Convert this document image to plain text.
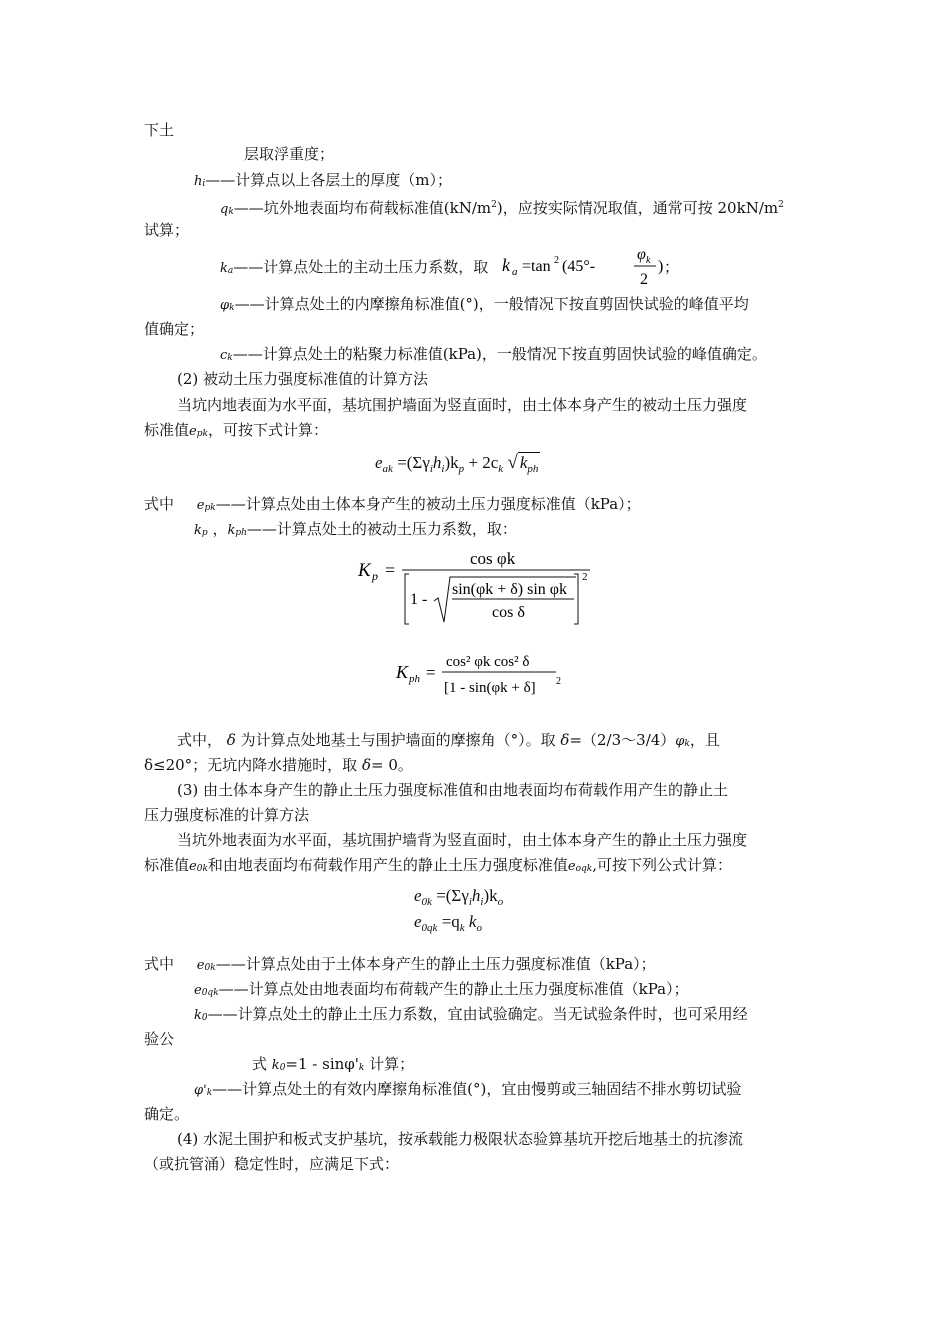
下土
层取浮重度；
hi——计算点以上各层土的厚度（m）；
qk——坑外地表面均布荷载标准值$(kN/m^2)$，应按实际情况取值，通常可按 $20kN/m^2$
试算；
ka——计算点处土的主动土压力系数，取 k a =tan 2 (45°-
φ k
2
) ；
φk——计算点处土的内摩擦角标准值(°)，一般情况下按直剪固快试验的峰值平均
值确定；
ck——计算点处土的粘聚力标准值(kPa)，一般情况下按直剪固快试验的峰值确定。
(2) 被动土压力强度标准值的计算方法
当坑内地表面为水平面，基坑围护墙面为竖直面时，由土体本身产生的被动土压力强度
标准值epk，可按下式计算：
$e_{ak} =(\Sigma\gamma_ih_i)k_p + 2c_k$ √ $k_{ph}$
式中 epk——计算点处由土体本身产生的被动土压力强度标准值（kPa）；
kp ，kph——计算点处土的被动土压力系数，取：
K p =
cos φk
1 -
sin(φk + δ) sin φk
cos δ
2
K ph =
cos² φk cos² δ
[1 - sin(φk + δ] 2
式中， δ 为计算点处地基土与围护墙面的摩擦角（°）。取 δ=（2/3～3/4）φk，且
δ≤20°；无坑内降水措施时，取 δ= 0。
(3) 由土体本身产生的静止土压力强度标准值和由地表面均布荷载作用产生的静止土
压力强度标准的计算方法
当坑外地表面为水平面，基坑围护墙背为竖直面时，由土体本身产生的静止土压力强度
标准值e0k和由地表面均布荷载作用产生的静止土压力强度标准值eoqk,可按下列公式计算：
$e_{0k} =(\Sigma\gamma_ih_i)k_o$
$e_{0qk} =q_k$ $k_o$
式中 e0k——计算点处由于土体本身产生的静止土压力强度标准值（kPa）；
e0qk——计算点处由地表面均布荷载产生的静止土压力强度标准值（kPa）；
k0——计算点处土的静止土压力系数，宜由试验确定。当无试验条件时，也可采用经
验公
式 k0=1 - sinφ'k 计算；
φ'k——计算点处土的有效内摩擦角标准值(°)，宜由慢剪或三轴固结不排水剪切试验
确定。
(4) 水泥土围护和板式支护基坑，按承载能力极限状态验算基坑开挖后地基土的抗渗流
（或抗管涌）稳定性时，应满足下式：
